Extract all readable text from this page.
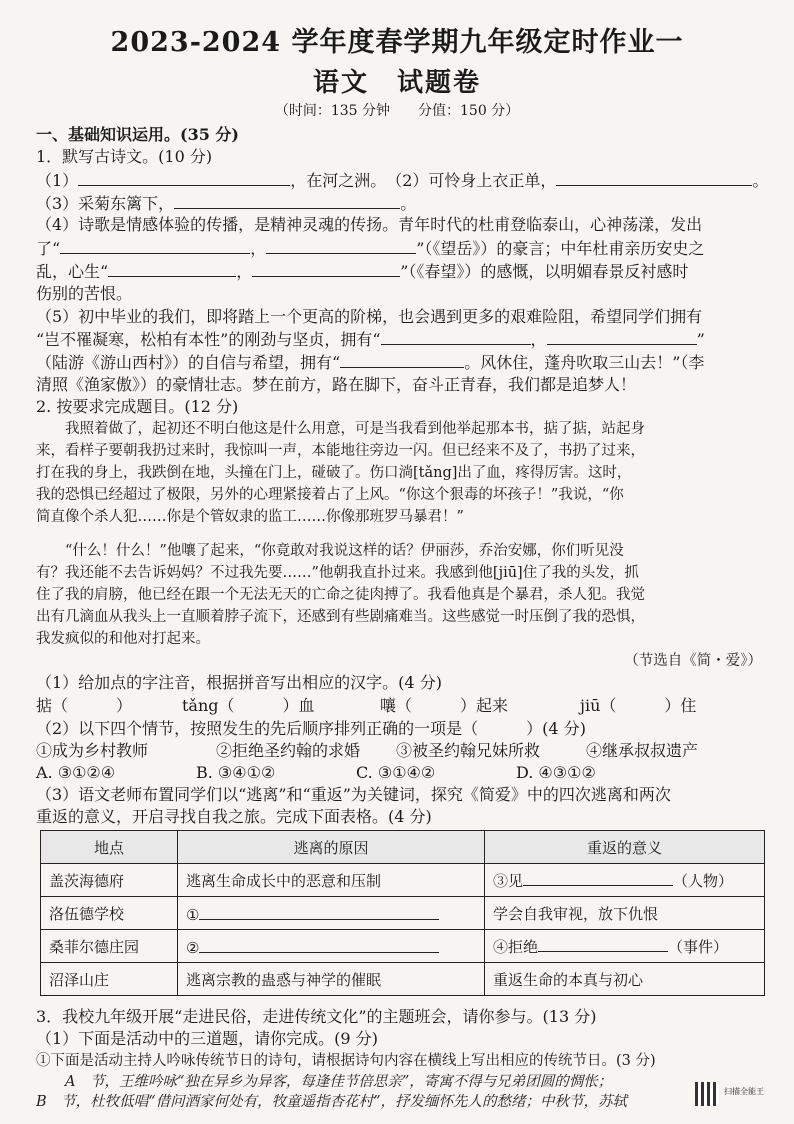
2023-2024 学年度春学期九年级定时作业一
语文　试题卷
（时间：135 分钟　　分值：150 分）
一、基础知识运用。(35 分)
1．默写古诗文。(10 分)
（1）	，在河之洲。　（2）可怜身上衣正单，	。
（3）采菊东篱下，	。
（4）诗歌是情感体验的传播，是精神灵魂的传扬。青年时代的杜甫登临泰山，心神荡漾，发出
了“	，	”（《望岳》）的豪言；中年杜甫亲历安史之
乱，心生“	，	”（《春望》）的感慨，以明媚春景反衬感时
伤别的苦恨。
（5）初中毕业的我们，即将踏上一个更高的阶梯，也会遇到更多的艰难险阻，希望同学们拥有
“岂不罹凝寒，松柏有本性”的刚劲与坚贞，拥有“	，	”
（陆游《游山西村》）的自信与希望，拥有“	。风休住，蓬舟吹取三山去！”（李
清照《渔家傲》）的豪情壮志。梦在前方，路在脚下，奋斗正青春，我们都是追梦人！
2. 按要求完成题目。(12 分)
　　我照着做了，起初还不明白他这是什么用意，可是当我看到他举起那本书，掂了掂，站起身
来，看样子要朝我扔过来时，我惊叫一声，本能地往旁边一闪。但已经来不及了，书扔了过来，
打在我的身上，我跌倒在地，头撞在门上，碰破了。伤口淌[tǎng]出了血，疼得厉害。这时，
我的恐惧已经超过了极限，另外的心理紧接着占了上风。“你这个狠毒的坏孩子！”我说，“你
简直像个杀人犯……你是个管奴隶的监工……你像那班罗马暴君！”
　　“什么！什么！”他嚷了起来，“你竟敢对我说这样的话？伊丽莎，乔治安娜，你们听见没
有？我还能不去告诉妈妈？不过我先要……”他朝我直扑过来。我感到他[jiū]住了我的头发，抓
住了我的肩膀，他已经在跟一个无法无天的亡命之徒肉搏了。我看他真是个暴君，杀人犯。我觉
出有几滴血从我头上一直顺着脖子流下，还感到有些剧痛难当。这些感觉一时压倒了我的恐惧，
我发疯似的和他对打起来。
（节选自《简・爱》）
（1）给加点的字注音，根据拼音写出相应的汉字。(4 分)
掂（　　　）	tǎng（　　　）血	嚷（　　　）起来	jiū（　　　）住
（2）以下四个情节，按照发生的先后顺序排列正确的一项是（　　　）(4 分)
①成为乡村教师	②拒绝圣约翰的求婚 ③被圣约翰兄妹所救	④继承叔叔遗产
地点	逃离的原因	重返的意义
盖茨海德府	逃离生命成长中的恶意和压制	③见 （人物）
洛伍德学校	①	学会自我审视，放下仇恨
桑菲尔德庄园	②	④拒绝 （事件）
沼泽山庄	逃离宗教的蛊惑与神学的催眠	重返生命的本真与初心
A. ③①②④	B. ③④①②	C. ③①④②	D. ④③①②
（3）语文老师布置同学们以“逃离”和“重返”为关键词，探究《简爱》中的四次逃离和两次
重返的意义，开启寻找自我之旅。完成下面表格。(4 分)
3．我校九年级开展“走进民俗，走进传统文化”的主题班会，请你参与。(13 分)
（1）下面是活动中的三道题，请你完成。(9 分)
①下面是活动主持人吟咏传统节日的诗句，请根据诗句内容在横线上写出相应的传统节日。(3 分)
　　A　节，王维吟咏“独在异乡为异客，每逢佳节倍思亲”，寄寓不得与兄弟团圆的惆怅；
B　节，杜牧低唱“借问酒家何处有，牧童遥指杏花村”，抒发缅怀先人的愁绪；中秋节，苏轼
扫描全能王
